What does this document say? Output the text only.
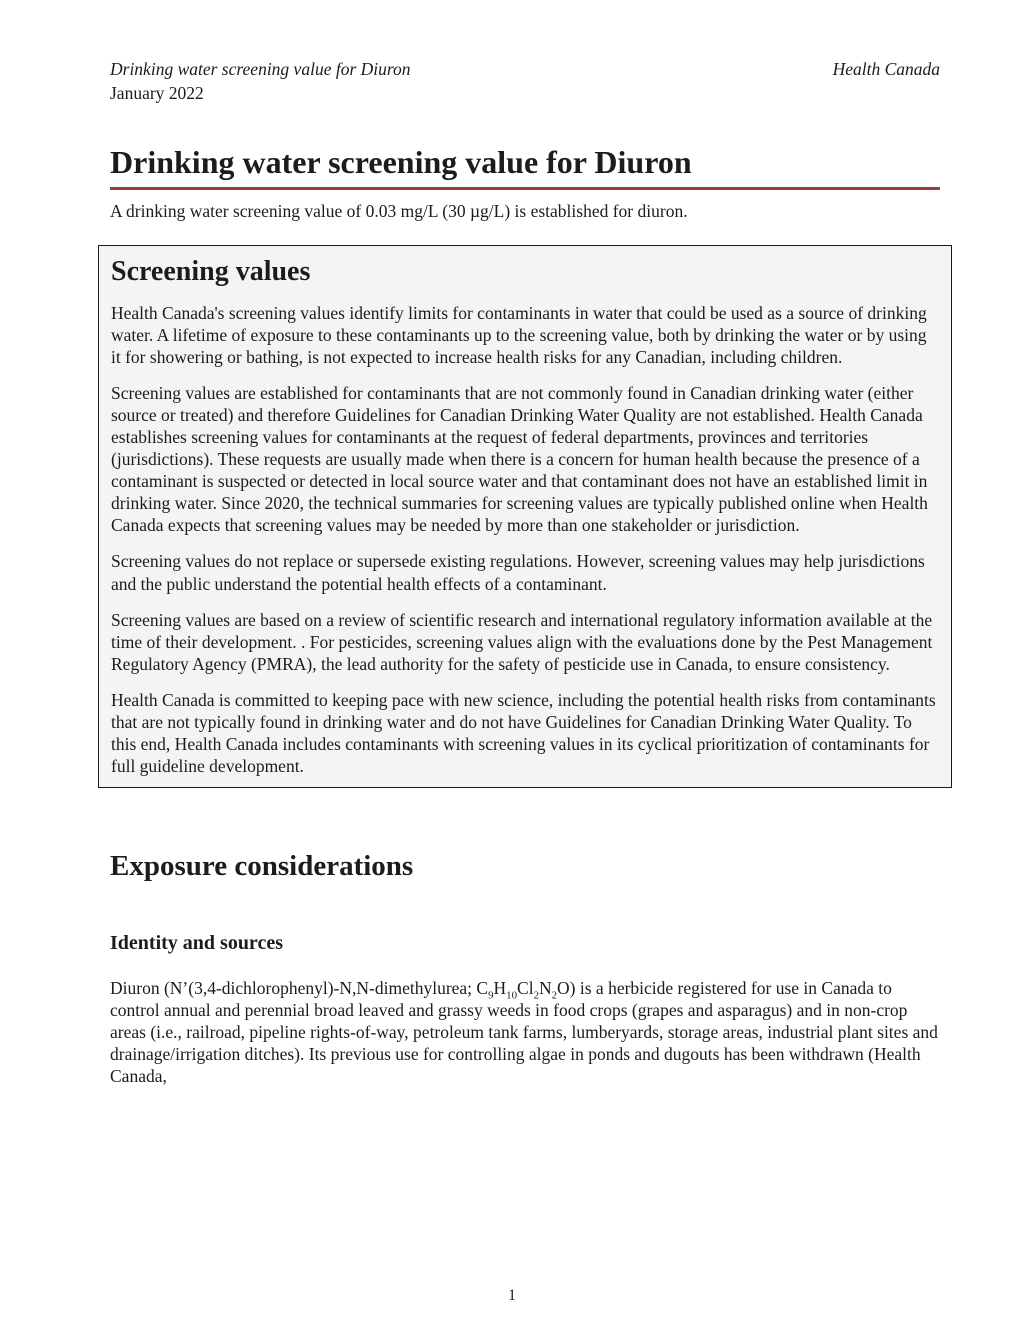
Drinking water screening value for Diuron	Health Canada
January 2022
Drinking water screening value for Diuron

A drinking water screening value of 0.03 mg/L (30 µg/L) is established for diuron.

Screening values

Health Canada's screening values identify limits for contaminants in water that could be used as a source of drinking water. A lifetime of exposure to these contaminants up to the screening value, both by drinking the water or by using it for showering or bathing, is not expected to increase health risks for any Canadian, including children.

Screening values are established for contaminants that are not commonly found in Canadian drinking water (either source or treated) and therefore Guidelines for Canadian Drinking Water Quality are not established. Health Canada establishes screening values for contaminants at the request of federal departments, provinces and territories (jurisdictions). These requests are usually made when there is a concern for human health because the presence of a contaminant is suspected or detected in local source water and that contaminant does not have an established limit in drinking water. Since 2020, the technical summaries for screening values are typically published online when Health Canada expects that screening values may be needed by more than one stakeholder or jurisdiction.

Screening values do not replace or supersede existing regulations. However, screening values may help jurisdictions and the public understand the potential health effects of a contaminant.

Screening values are based on a review of scientific research and international regulatory information available at the time of their development. . For pesticides, screening values align with the evaluations done by the Pest Management Regulatory Agency (PMRA), the lead authority for the safety of pesticide use in Canada, to ensure consistency.

Health Canada is committed to keeping pace with new science, including the potential health risks from contaminants that are not typically found in drinking water and do not have Guidelines for Canadian Drinking Water Quality. To this end, Health Canada includes contaminants with screening values in its cyclical prioritization of contaminants for full guideline development.

Exposure considerations
Identity and sources

Diuron (N’(3,4-dichlorophenyl)-N,N-dimethylurea; $C_9H_{10}Cl_2N_2O$) is a herbicide registered for use in Canada to control annual and perennial broad leaved and grassy weeds in food crops (grapes and asparagus) and in non-crop areas (i.e., railroad, pipeline rights-of-way, petroleum tank farms, lumberyards, storage areas, industrial plant sites and drainage/irrigation ditches). Its previous use for controlling algae in ponds and dugouts has been withdrawn (Health Canada,

1
